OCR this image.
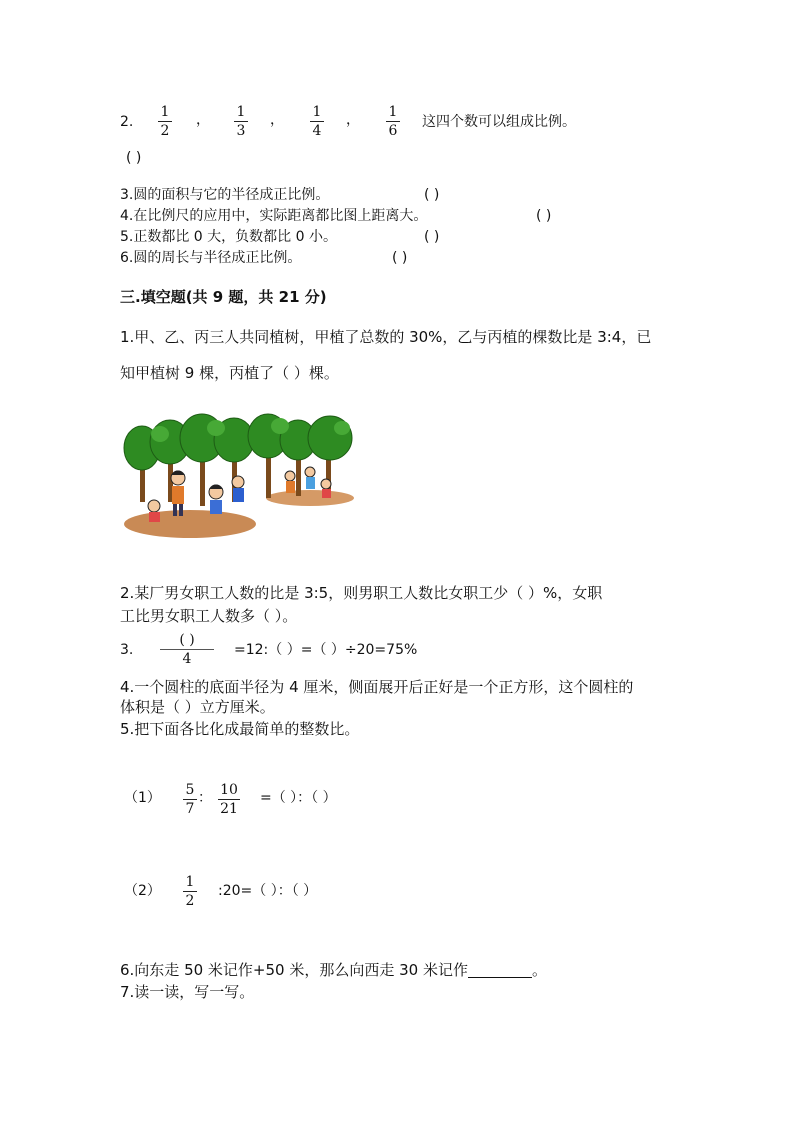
2.
1
2
， 1
3
， 1
4
， 1
6
这四个数可以组成比例。
( )
3.圆的面积与它的半径成正比例。	( )
4.在比例尺的应用中，实际距离都比图上距离大。	( )
5.正数都比 0 大，负数都比 0 小。	( )
6.圆的周长与半径成正比例。	( )
三.填空题(共 9 题，共 21 分)
1.甲、乙、丙三人共同植树，甲植了总数的 30%，乙与丙植的棵数比是 3:4，已
知甲植树 9 棵，丙植了（ ）棵。
2.某厂男女职工人数的比是 3:5，则男职工人数比女职工少（ ）%，女职
工比男女职工人数多（ ）。
3.
( )
4
=12:（ ）=（ ）÷20=75%
4.一个圆柱的底面半径为 4 厘米，侧面展开后正好是一个正方形，这个圆柱的
体积是（ ）立方厘米。
5.把下面各比化成最简单的整数比。
（1） 5
7
： 10
21
=（ ）：（ ）
（2）
1
2
:20=（ ）：（ ）
6.向东走 50 米记作+50 米，那么向西走 30 米记作	。
7.读一读，写一写。
